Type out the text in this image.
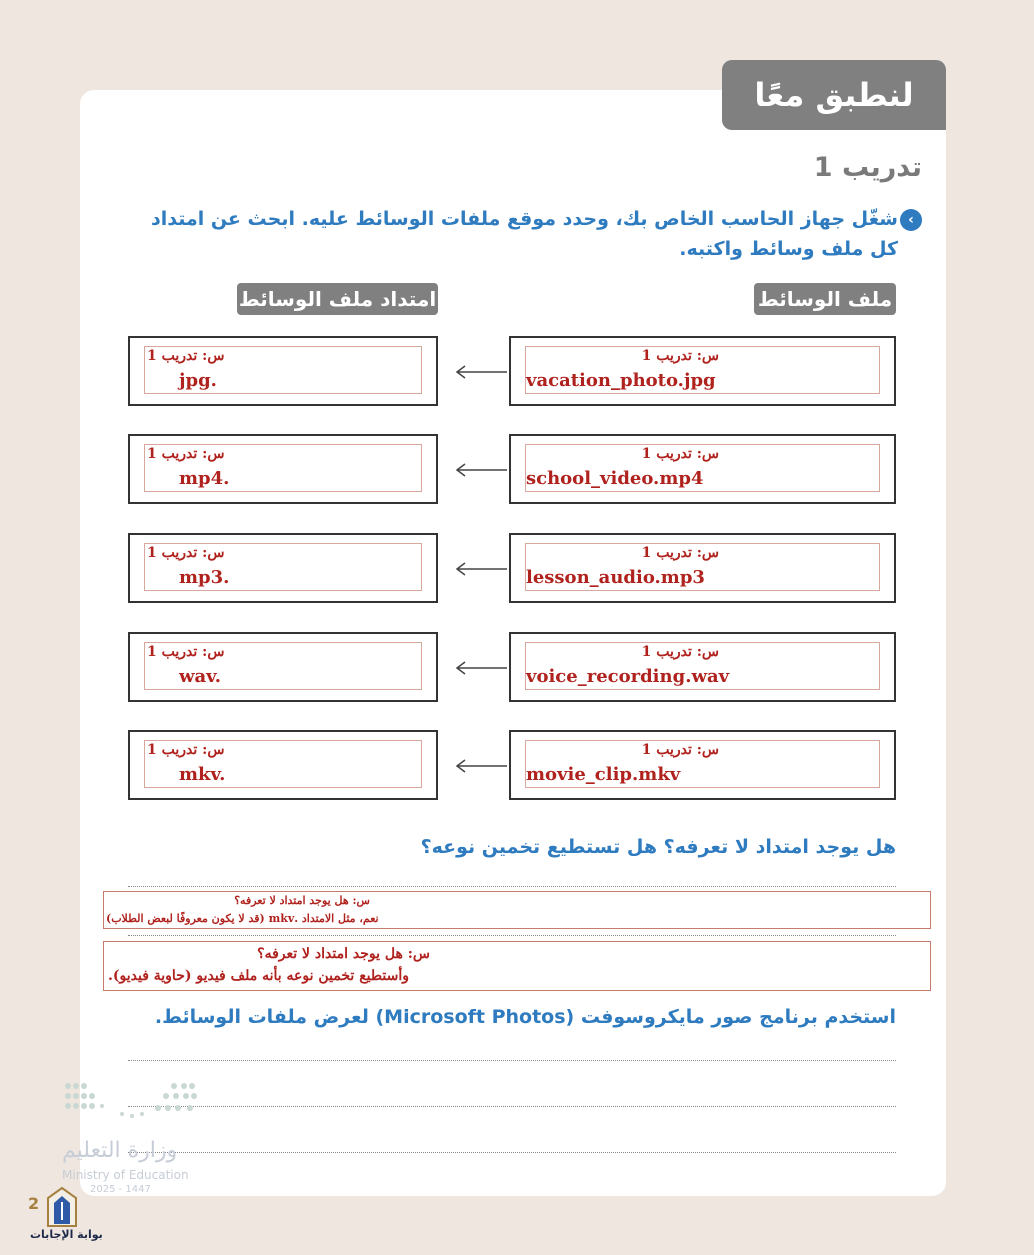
لنطبق معًا
تدريب 1
‹
شغّل جهاز الحاسب الخاص بك، وحدد موقع ملفات الوسائط عليه. ابحث عن امتداد كل ملف وسائط واكتبه.
ملف الوسائط
امتداد ملف الوسائط
س: تدريب 1
vacation_photo.jpg
س: تدريب 1
jpg.
س: تدريب 1
school_video.mp4
س: تدريب 1
mp4.
س: تدريب 1
lesson_audio.mp3
س: تدريب 1
mp3.
س: تدريب 1
voice_recording.wav
س: تدريب 1
wav.
س: تدريب 1
movie_clip.mkv
س: تدريب 1
mkv.
هل يوجد امتداد لا تعرفه؟ هل تستطيع تخمين نوعه؟
س: هل يوجد امتداد لا تعرفه؟
نعم، مثل الامتداد .mkv (قد لا يكون معروفًا لبعض الطلاب)
س: هل يوجد امتداد لا تعرفه؟
وأستطيع تخمين نوعه بأنه ملف فيديو (حاوية فيديو).
استخدم برنامج صور مايكروسوفت (Microsoft Photos) لعرض ملفات الوسائط.
وزارة التعليم
Ministry of Education
2025 - 1447
2
بوابة الإجابات
